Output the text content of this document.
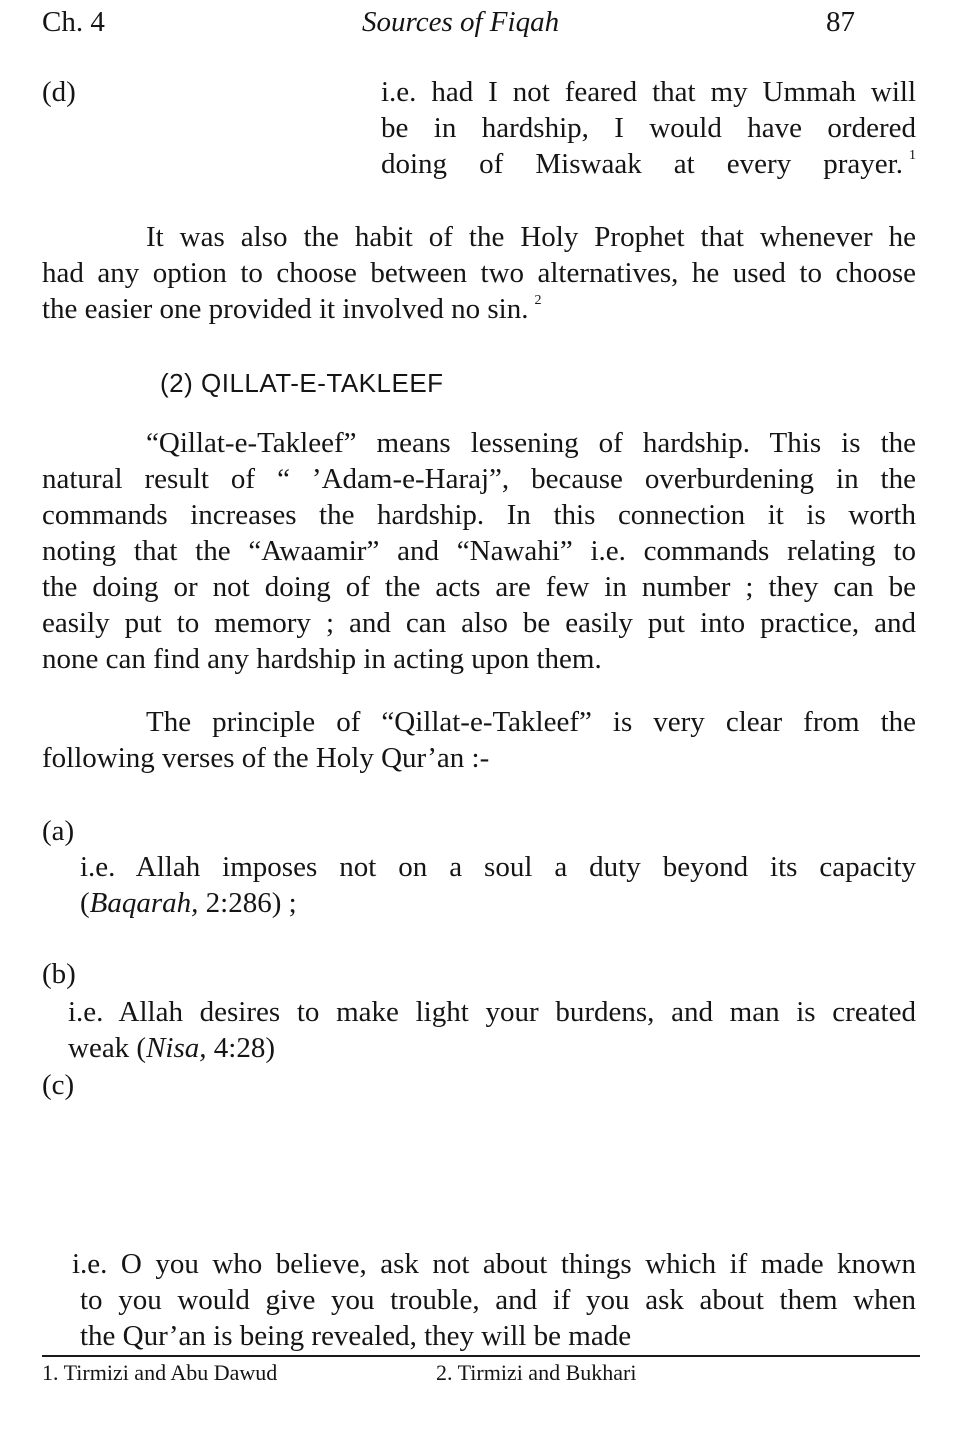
Ch. 4	Sources of Fiqah	87
(d)	i.e. had I not feared that my Ummah will
be in hardship, I would have ordered
doing of Miswaak at every prayer. $^1$
It was also the habit of the Holy Prophet that whenever he
had any option to choose between two alternatives, he used to choose
the easier one provided it involved no sin. $^2$
(2) QILLAT-E-TAKLEEF
“Qillat-e-Takleef” means lessening of hardship. This is the
natural result of “ ’Adam-e-Haraj”, because overburdening in the
commands increases the hardship. In this connection it is worth
noting that the “Awaamir” and “Nawahi” i.e. commands relating to
the doing or not doing of the acts are few in number ; they can be
easily put to memory ; and can also be easily put into practice, and
none can find any hardship in acting upon them.
The principle of “Qillat-e-Takleef” is very clear from the
following verses of the Holy Qur’an :-
(a)
i.e. Allah imposes not on a soul a duty beyond its capacity
(Baqarah, 2:286) ;
(b)
i.e. Allah desires to make light your burdens, and man is created
weak (Nisa, 4:28)
(c)
i.e. O you who believe, ask not about things which if made known
to you would give you trouble, and if you ask about them when
the Qur’an is being revealed, they will be made
1. Tirmizi and Abu Dawud	2. Tirmizi and Bukhari
